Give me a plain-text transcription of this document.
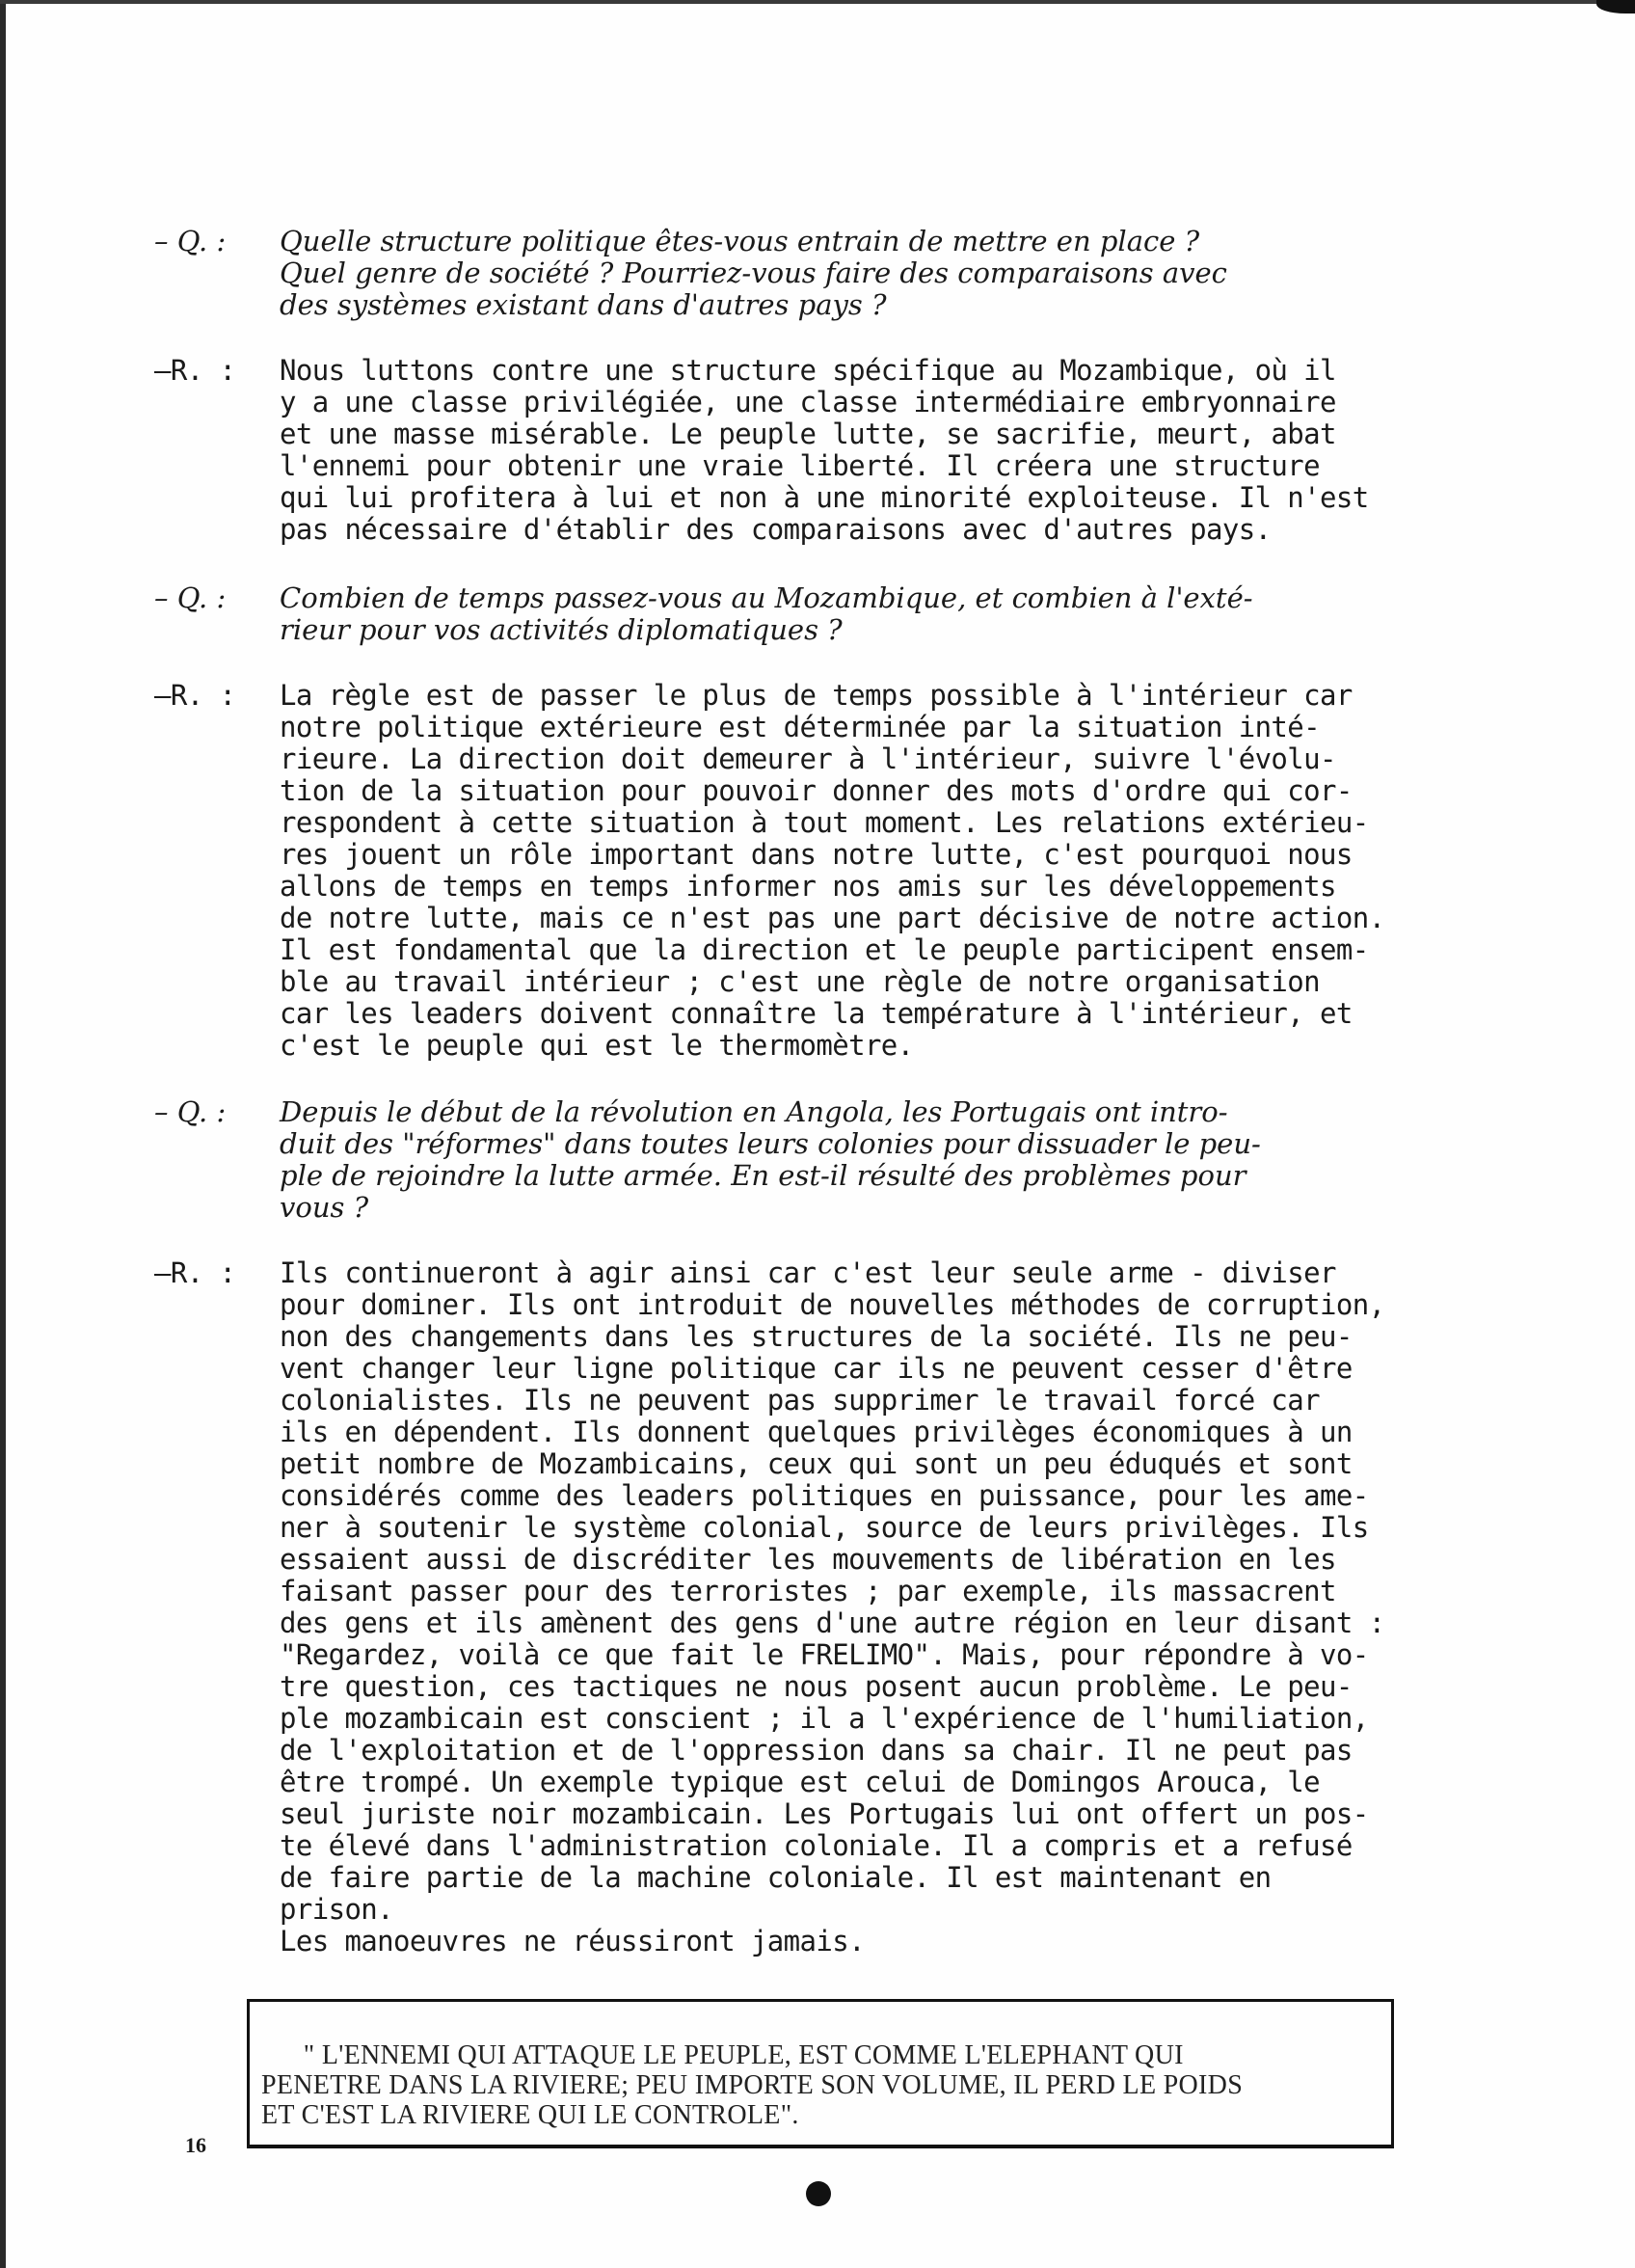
– Q. :	Quelle structure politique êtes-vous entrain de mettre en place ?
Quel genre de société ? Pourriez-vous faire des comparaisons avec
des systèmes existant dans d'autres pays ?
–R. :	Nous luttons contre une structure spécifique au Mozambique, où il
y a une classe privilégiée, une classe intermédiaire embryonnaire
et une masse misérable. Le peuple lutte, se sacrifie, meurt, abat
l'ennemi pour obtenir une vraie liberté. Il créera une structure
qui lui profitera à lui et non à une minorité exploiteuse. Il n'est
pas nécessaire d'établir des comparaisons avec d'autres pays.
– Q. :	Combien de temps passez-vous au Mozambique, et combien à l'exté-
rieur pour vos activités diplomatiques ?
–R. :	La règle est de passer le plus de temps possible à l'intérieur car
notre politique extérieure est déterminée par la situation inté-
rieure. La direction doit demeurer à l'intérieur, suivre l'évolu-
tion de la situation pour pouvoir donner des mots d'ordre qui cor-
respondent à cette situation à tout moment. Les relations extérieu-
res jouent un rôle important dans notre lutte, c'est pourquoi nous
allons de temps en temps informer nos amis sur les développements
de notre lutte, mais ce n'est pas une part décisive de notre action.
Il est fondamental que la direction et le peuple participent ensem-
ble au travail intérieur ; c'est une règle de notre organisation
car les leaders doivent connaître la température à l'intérieur, et
c'est le peuple qui est le thermomètre.
– Q. :	Depuis le début de la révolution en Angola, les Portugais ont intro-
duit des "réformes" dans toutes leurs colonies pour dissuader le peu-
ple de rejoindre la lutte armée. En est-il résulté des problèmes pour
vous ?
–R. :	Ils continueront à agir ainsi car c'est leur seule arme - diviser
pour dominer. Ils ont introduit de nouvelles méthodes de corruption,
non des changements dans les structures de la société. Ils ne peu-
vent changer leur ligne politique car ils ne peuvent cesser d'être
colonialistes. Ils ne peuvent pas supprimer le travail forcé car
ils en dépendent. Ils donnent quelques privilèges économiques à un
petit nombre de Mozambicains, ceux qui sont un peu éduqués et sont
considérés comme des leaders politiques en puissance, pour les ame-
ner à soutenir le système colonial, source de leurs privilèges. Ils
essaient aussi de discréditer les mouvements de libération en les
faisant passer pour des terroristes ; par exemple, ils massacrent
des gens et ils amènent des gens d'une autre région en leur disant :
"Regardez, voilà ce que fait le FRELIMO". Mais, pour répondre à vo-
tre question, ces tactiques ne nous posent aucun problème. Le peu-
ple mozambicain est conscient ; il a l'expérience de l'humiliation,
de l'exploitation et de l'oppression dans sa chair. Il ne peut pas
être trompé. Un exemple typique est celui de Domingos Arouca, le
seul juriste noir mozambicain. Les Portugais lui ont offert un pos-
te élevé dans l'administration coloniale. Il a compris et a refusé
de faire partie de la machine coloniale. Il est maintenant en prison.
Les manoeuvres ne réussiront jamais.
" L'ENNEMI QUI ATTAQUE LE PEUPLE, EST COMME L'ELEPHANT QUI
PENETRE DANS LA RIVIERE; PEU IMPORTE SON VOLUME, IL PERD LE POIDS
ET C'EST LA RIVIERE QUI LE CONTROLE".
16
